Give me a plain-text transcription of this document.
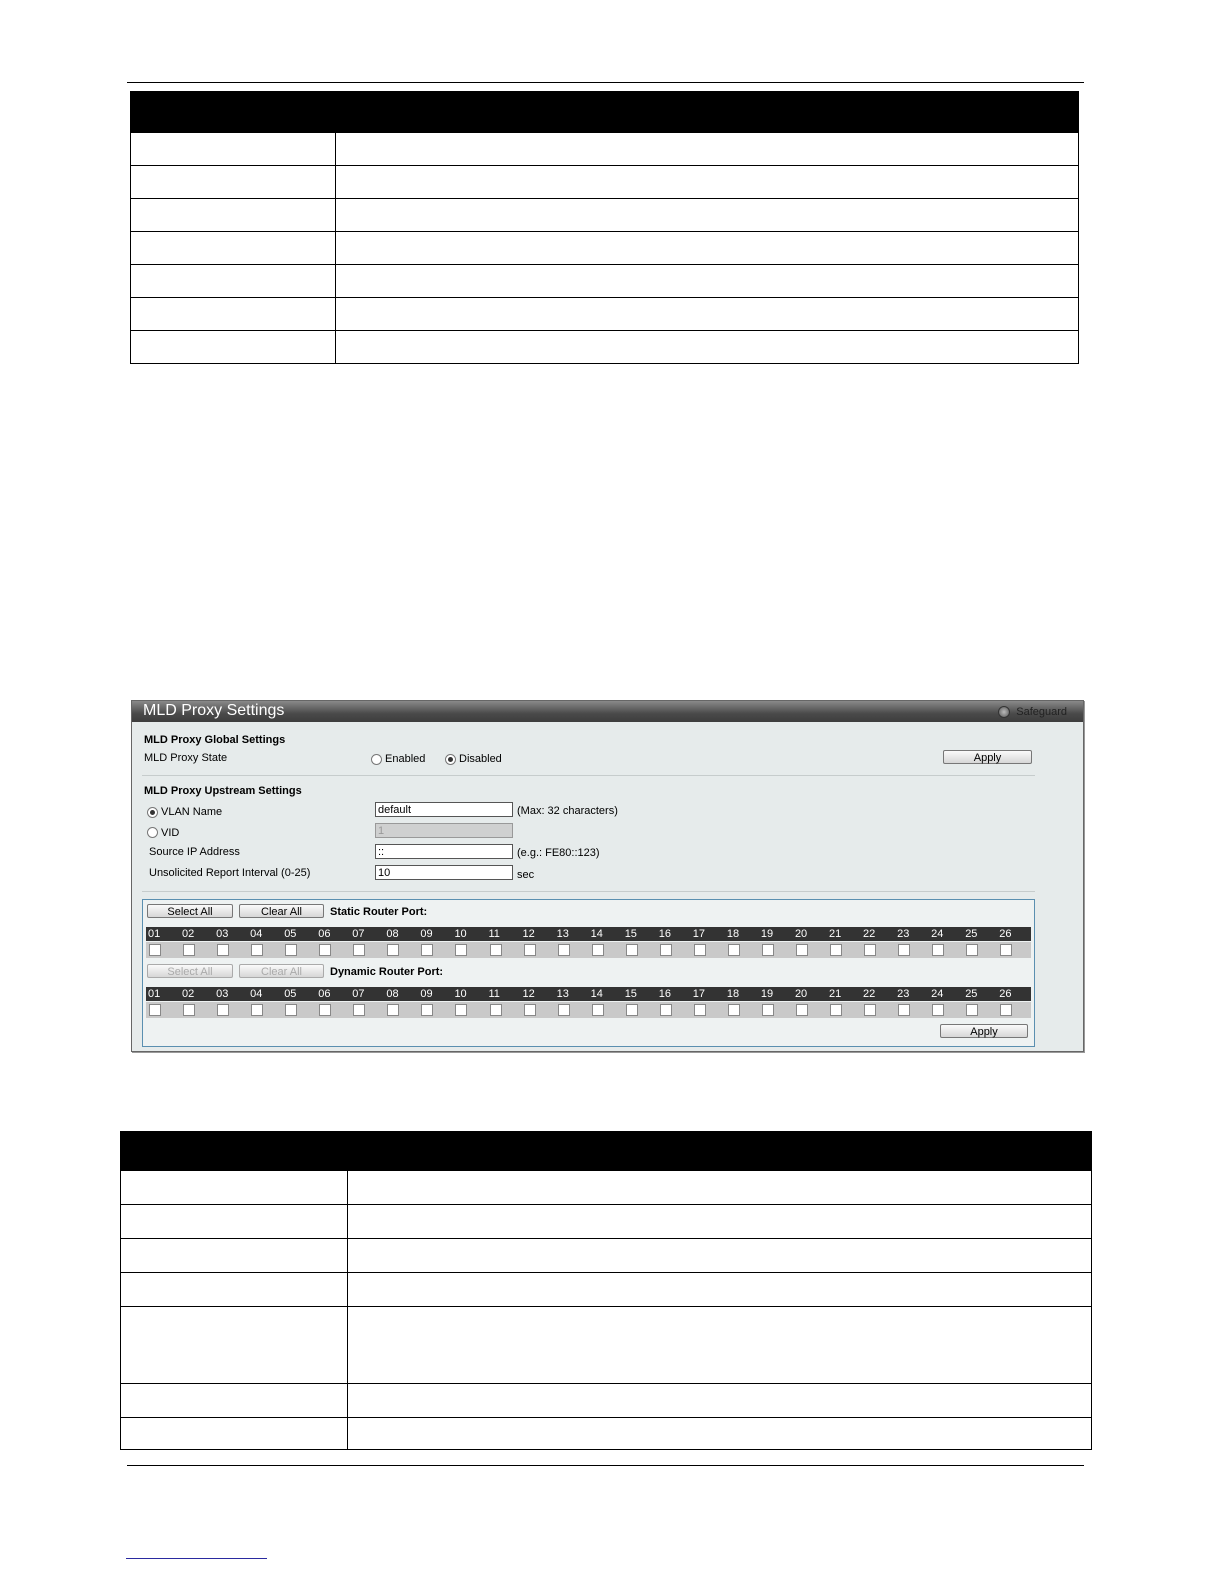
MLD Proxy Settings	Safeguard
MLD Proxy Global Settings
MLD Proxy State	Enabled	Disabled	Apply
MLD Proxy Upstream Settings
VLAN Name	default	(Max: 32 characters)
VID	1
Source IP Address	::	(e.g.: FE80::123)
Unsolicited Report Interval (0-25)	10	sec
Select All	Clear All	Static Router Port:
01 02 03 04 05 06 07 08 09 10 11 12 13 14 15 16 17 18 19 20 21 22 23 24 25 26
Select All	Clear All	Dynamic Router Port:
01 02 03 04 05 06 07 08 09 10 11 12 13 14 15 16 17 18 19 20 21 22 23 24 25 26
Apply
